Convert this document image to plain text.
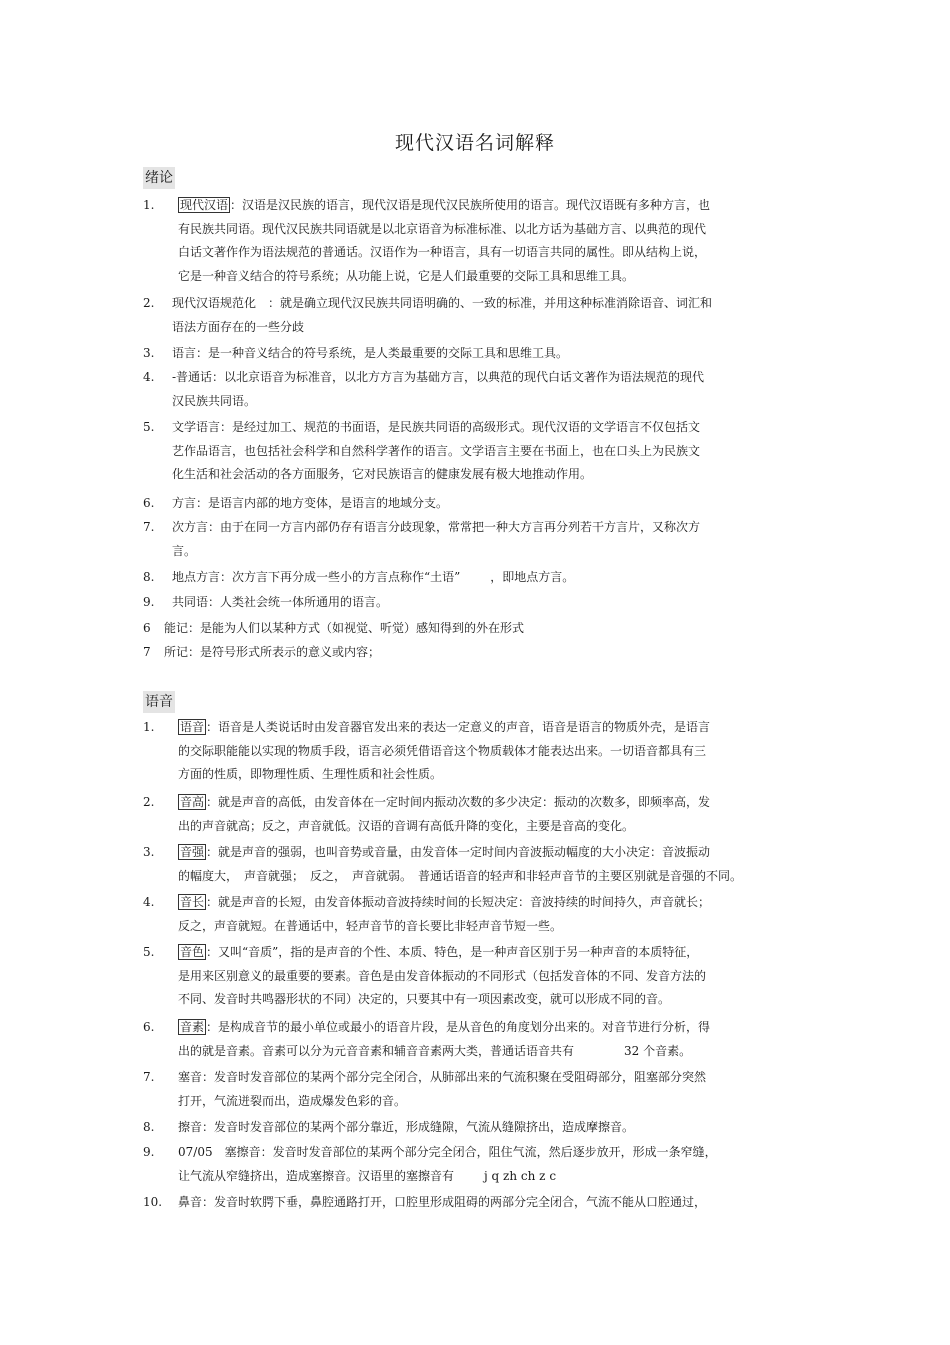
现代汉语名词解释
绪论
1. 现代汉语 ：汉语是汉民族的语言，现代汉语是现代汉民族所使用的语言。现代汉语既有多种方言，也
有民族共同语。现代汉民族共同语就是以北京语音为标准标准、以北方话为基础方言、以典范的现代
白话文著作作为语法规范的普通话。汉语作为一种语言，具有一切语言共同的属性。即从结构上说，
它是一种音义结合的符号系统；从功能上说，它是人们最重要的交际工具和思维工具。
2. 现代汉语规范化　：就是确立现代汉民族共同语明确的、一致的标准，并用这种标准消除语音、词汇和
语法方面存在的一些分歧
3. 语言：是一种音义结合的符号系统，是人类最重要的交际工具和思维工具。
4. -普通话：以北京语音为标准音，以北方方言为基础方言，以典范的现代白话文著作为语法规范的现代
汉民族共同语。
5. 文学语言：是经过加工、规范的书面语，是民族共同语的高级形式。现代汉语的文学语言不仅包括文
艺作品语言，也包括社会科学和自然科学著作的语言。文学语言主要在书面上，也在口头上为民族文
化生活和社会活动的各方面服务，它对民族语言的健康发展有极大地推动作用。
6. 方言：是语言内部的地方变体，是语言的地域分支。
7. 次方言：由于在同一方言内部仍存有语言分歧现象，常常把一种大方言再分列若干方言片，又称次方
言。
8. 地点方言：次方言下再分成一些小的方言点称作“土语”	，即地点方言。
9. 共同语：人类社会统一体所通用的语言。
6 能记：是能为人们以某种方式（如视觉、听觉）感知得到的外在形式
7 所记：是符号形式所表示的意义或内容；
语音
1. 语音 ：语音是人类说话时由发音器官发出来的表达一定意义的声音，语音是语言的物质外壳，是语言
的交际职能能以实现的物质手段，语言必须凭借语音这个物质载体才能表达出来。一切语音都具有三
方面的性质，即物理性质、生理性质和社会性质。
2. 音高 ：就是声音的高低，由发音体在一定时间内振动次数的多少决定：振动的次数多，即频率高，发
出的声音就高；反之，声音就低。汉语的音调有高低升降的变化，主要是音高的变化。
3. 音强 ：就是声音的强弱，也叫音势或音量，由发音体一定时间内音波振动幅度的大小决定：音波振动
的幅度大，　声音就强；　反之，　声音就弱。　普通话语音的轻声和非轻声音节的主要区别就是音强的不同。
4. 音长 ：就是声音的长短，由发音体振动音波持续时间的长短决定：音波持续的时间持久，声音就长；
反之，声音就短。在普通话中，轻声音节的音长要比非轻声音节短一些。
5. 音色 ：又叫“音质”，指的是声音的个性、本质、特色，是一种声音区别于另一种声音的本质特征，
是用来区别意义的最重要的要素。音色是由发音体振动的不同形式（包括发音体的不同、发音方法的
不同、发音时共鸣器形状的不同）决定的，只要其中有一项因素改变，就可以形成不同的音。
6. 音素 ：是构成音节的最小单位或最小的语音片段，是从音色的角度划分出来的。对音节进行分析，得
出的就是音素。音素可以分为元音音素和辅音音素两大类，普通话语音共有	32 个音素。
7. 塞音：发音时发音部位的某两个部分完全闭合，从肺部出来的气流积聚在受阻碍部分，阻塞部分突然
打开，气流迸裂而出，造成爆发色彩的音。
8. 擦音：发音时发音部位的某两个部分靠近，形成缝隙，气流从缝隙挤出，造成摩擦音。
9. 07/05　塞擦音：发音时发音部位的某两个部分完全闭合，阻住气流，然后逐步放开，形成一条窄缝，
让气流从窄缝挤出，造成塞擦音。汉语里的塞擦音有	j q zh ch z c
10. 鼻音：发音时软腭下垂，鼻腔通路打开，口腔里形成阻碍的两部分完全闭合，气流不能从口腔通过，
